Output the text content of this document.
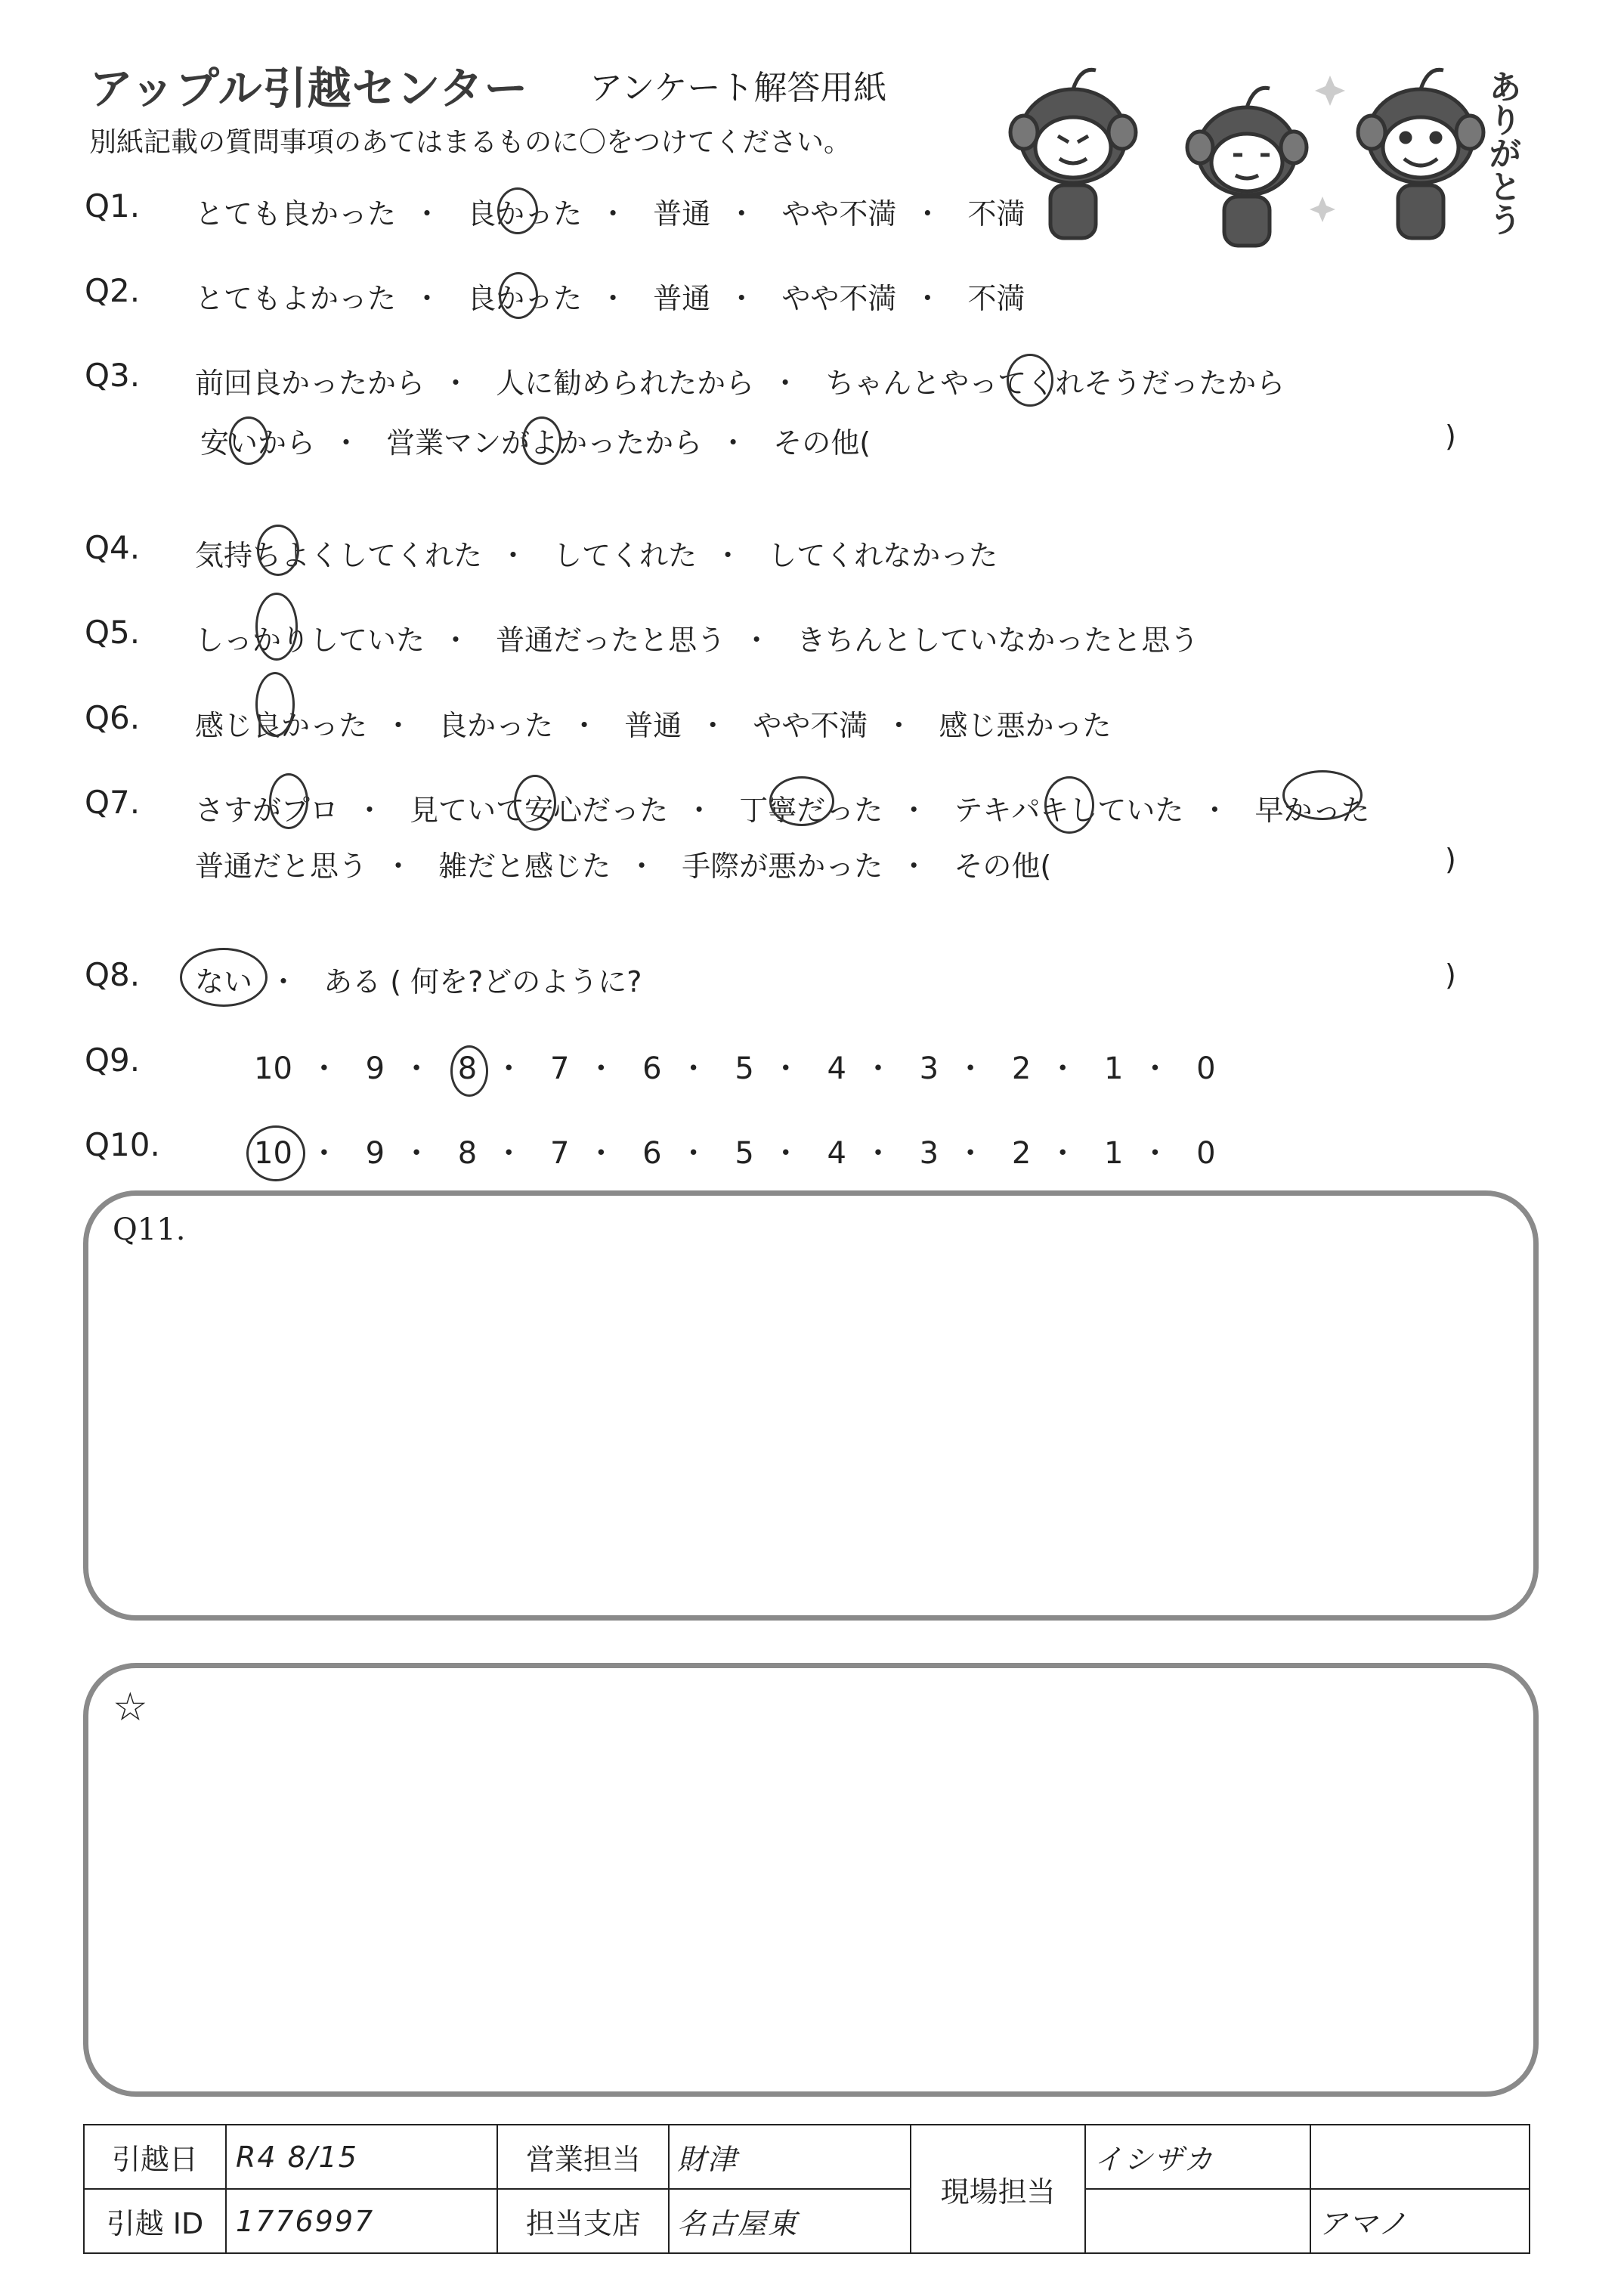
アップル引越センター アンケート解答用紙
別紙記載の質問事項のあてはまるものに〇をつけてください。	ありがとう
Q1. とても良かった ・ 良かった ・ 普通 ・ やや不満 ・ 不満
Q2. とてもよかった ・ 良かった ・ 普通 ・ やや不満 ・ 不満
Q3. 前回良かったから ・ 人に勧められたから ・ ちゃんとやってくれそうだったから
安いから ・ 営業マンがよかったから ・ その他(	)
Q4. 気持ちよくしてくれた ・ してくれた ・ してくれなかった
Q5. しっかりしていた ・ 普通だったと思う ・ きちんとしていなかったと思う
Q6. 感じ良かった ・ 良かった ・ 普通 ・ やや不満 ・ 感じ悪かった
Q7. さすがプロ ・ 見ていて安心だった ・ 丁寧だった ・ テキパキしていた ・ 早かった
普通だと思う ・ 雑だと感じた ・ 手際が悪かった ・ その他(	)
Q8. ない ・ ある ( 何を?どのように?	)
Q9.	10 ・ 9 ・ 8 ・ 7 ・ 6 ・ 5 ・ 4 ・ 3 ・ 2 ・ 1 ・ 0
Q10.	10 ・ 9 ・ 8 ・ 7 ・ 6 ・ 5 ・ 4 ・ 3 ・ 2 ・ 1 ・ 0
Q11.
☆
引越日	R4 8/15	営業担当	財津	現場担当	イシザカ	
引越 ID	1776997	担当支店	名古屋東			アマノ
